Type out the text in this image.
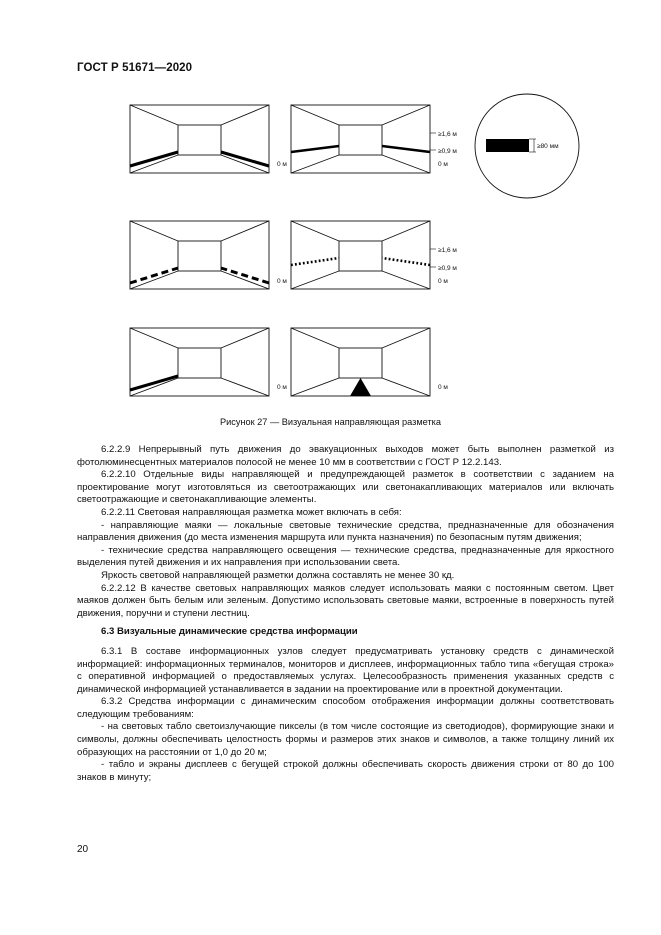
ГОСТ Р 51671—2020
≥1,6 м
≥0,9 м
0 м
0 м
≥80 мм
≥1,6 м
≥0,9 м
0 м
0 м
0 м	0 м
Рисунок 27 — Визуальная направляющая разметка

6.2.2.9 Непрерывный путь движения до эвакуационных выходов может быть выполнен разметкой из фотолюминесцентных материалов полосой не менее 10 мм в соответствии с ГОСТ Р 12.2.143.

6.2.2.10 Отдельные виды направляющей и предупреждающей разметок в соответствии с заданием на проектирование могут изготовляться из светоотражающих или светонакапливающих материалов или включать светоотражающие и светонакапливающие элементы.

6.2.2.11 Световая направляющая разметка может включать в себя:

- направляющие маяки — локальные световые технические средства, предназначенные для обозначения направления движения (до места изменения маршрута или пункта назначения) по безопасным путям движения;

- технические средства направляющего освещения — технические средства, предназначенные для яркостного выделения путей движения и их направления при использовании света.

Яркость световой направляющей разметки должна составлять не менее 30 кд.

6.2.2.12 В качестве световых направляющих маяков следует использовать маяки с постоянным светом. Цвет маяков должен быть белым или зеленым. Допустимо использовать световые маяки, встроенные в поверхность путей движения, поручни и ступени лестниц.

6.3 Визуальные динамические средства информации

6.3.1 В составе информационных узлов следует предусматривать установку средств с динамической информацией: информационных терминалов, мониторов и дисплеев, информационных табло типа «бегущая строка» с оперативной информацией о предоставляемых услугах. Целесообразность применения указанных средств с динамической информацией устанавливается в задании на проектирование или в проектной документации.

6.3.2 Средства информации с динамическим способом отображения информации должны соответствовать следующим требованиям:

- на световых табло светоизлучающие пикселы (в том числе состоящие из светодиодов), формирующие знаки и символы, должны обеспечивать целостность формы и размеров этих знаков и символов, а также толщину линий их образующих на расстоянии от 1,0 до 20 м;

- табло и экраны дисплеев с бегущей строкой должны обеспечивать скорость движения строки от 80 до 100 знаков в минуту;

20
